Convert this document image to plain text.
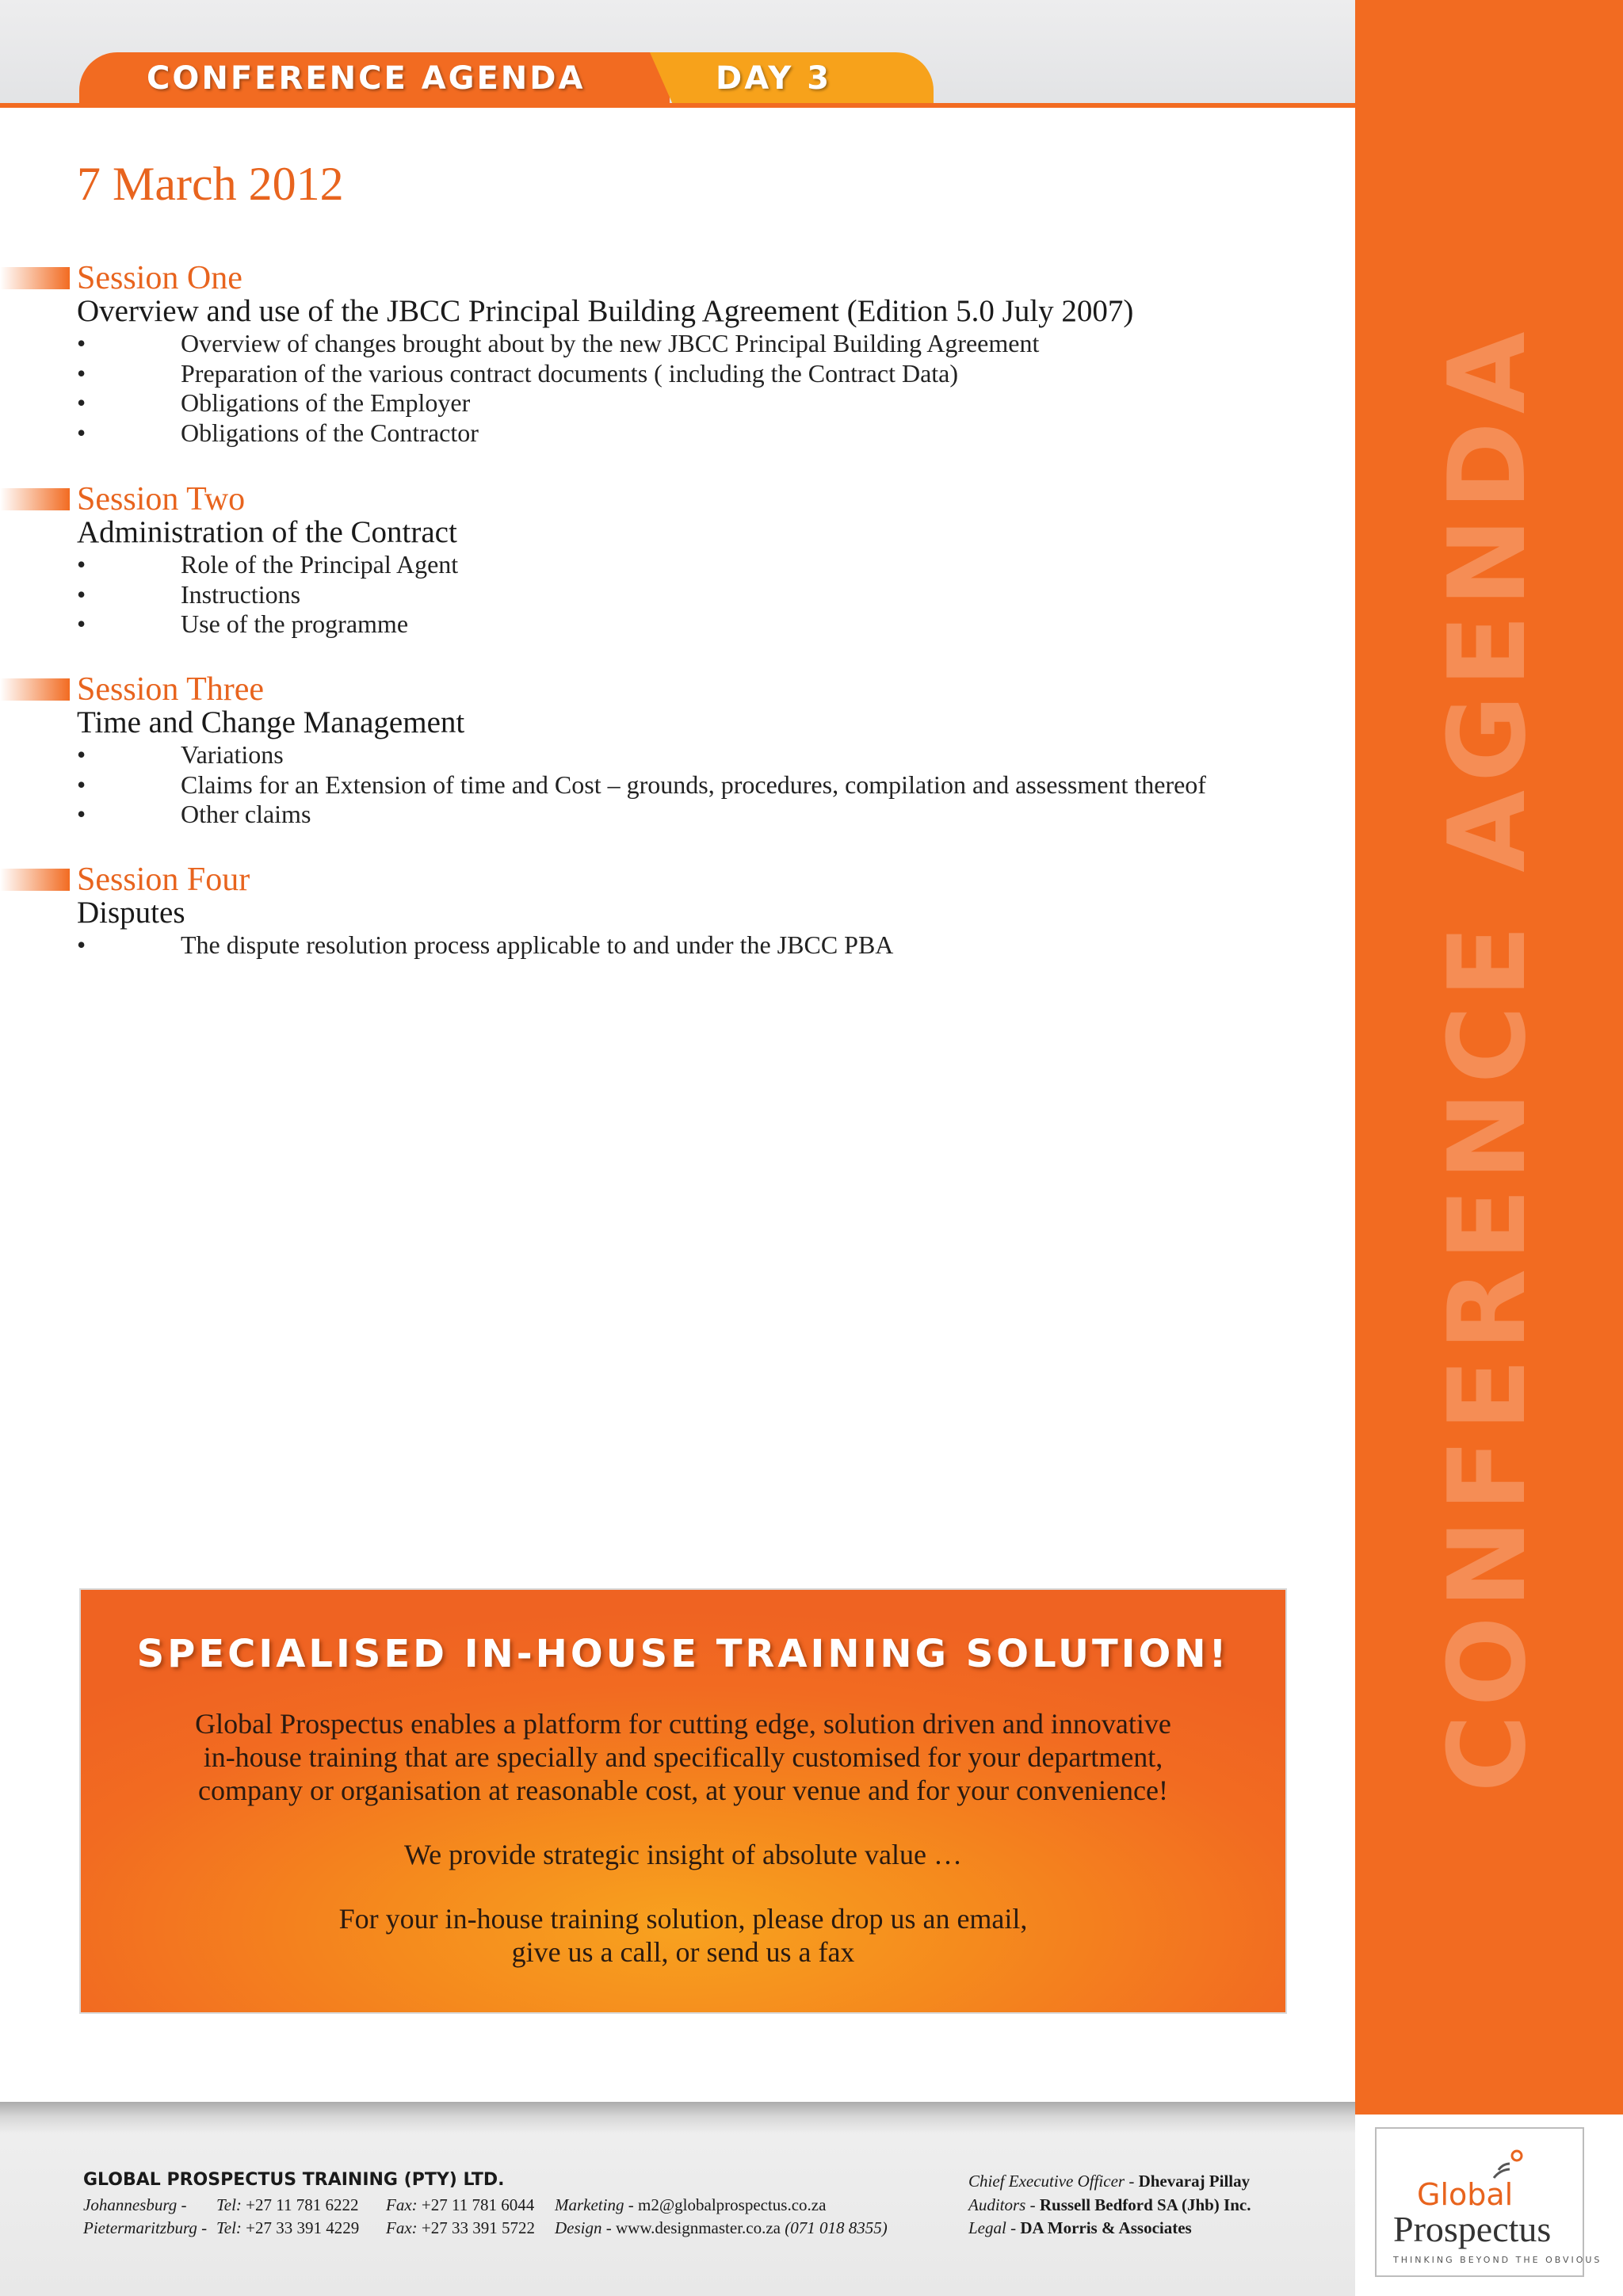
CONFERENCE AGENDA	DAY 3
CONFERENCE AGENDA
7 March 2012
Session One
Overview and use of the JBCC Principal Building Agreement (Edition 5.0 July 2007)
•	Overview of changes brought about by the new JBCC Principal Building Agreement
•	Preparation of the various contract documents ( including the Contract Data)
•	Obligations of the Employer
•	Obligations of the Contractor
Session Two
Administration of the Contract
•	Role of the Principal Agent
•	Instructions
•	Use of the programme
Session Three
Time and Change Management
•	Variations
•	Claims for an Extension of time and Cost – grounds, procedures, compilation and assessment thereof
•	Other claims
Session Four
Disputes
•	The dispute resolution process applicable to and under the JBCC PBA
SPECIALISED IN-HOUSE TRAINING SOLUTION!
Global Prospectus enables a platform for cutting edge, solution driven and innovative
in-house training that are specially and specifically customised for your department,
company or organisation at reasonable cost, at your venue and for your convenience!
We provide strategic insight of absolute value …
For your in-house training solution, please drop us an email,
give us a call, or send us a fax
GLOBAL PROSPECTUS TRAINING (PTY) LTD.
Johannesburg - Tel: +27 11 781 6222 Fax: +27 11 781 6044 Marketing - m2@globalprospectus.co.za
Pietermaritzburg - Tel: +27 33 391 4229 Fax: +27 33 391 5722 Design - www.designmaster.co.za (071 018 8355)
Chief Executive Officer - Dhevaraj Pillay
Auditors - Russell Bedford SA (Jhb) Inc.
Legal - DA Morris & Associates
Global
Prospectus
THINKING BEYOND THE OBVIOUS
